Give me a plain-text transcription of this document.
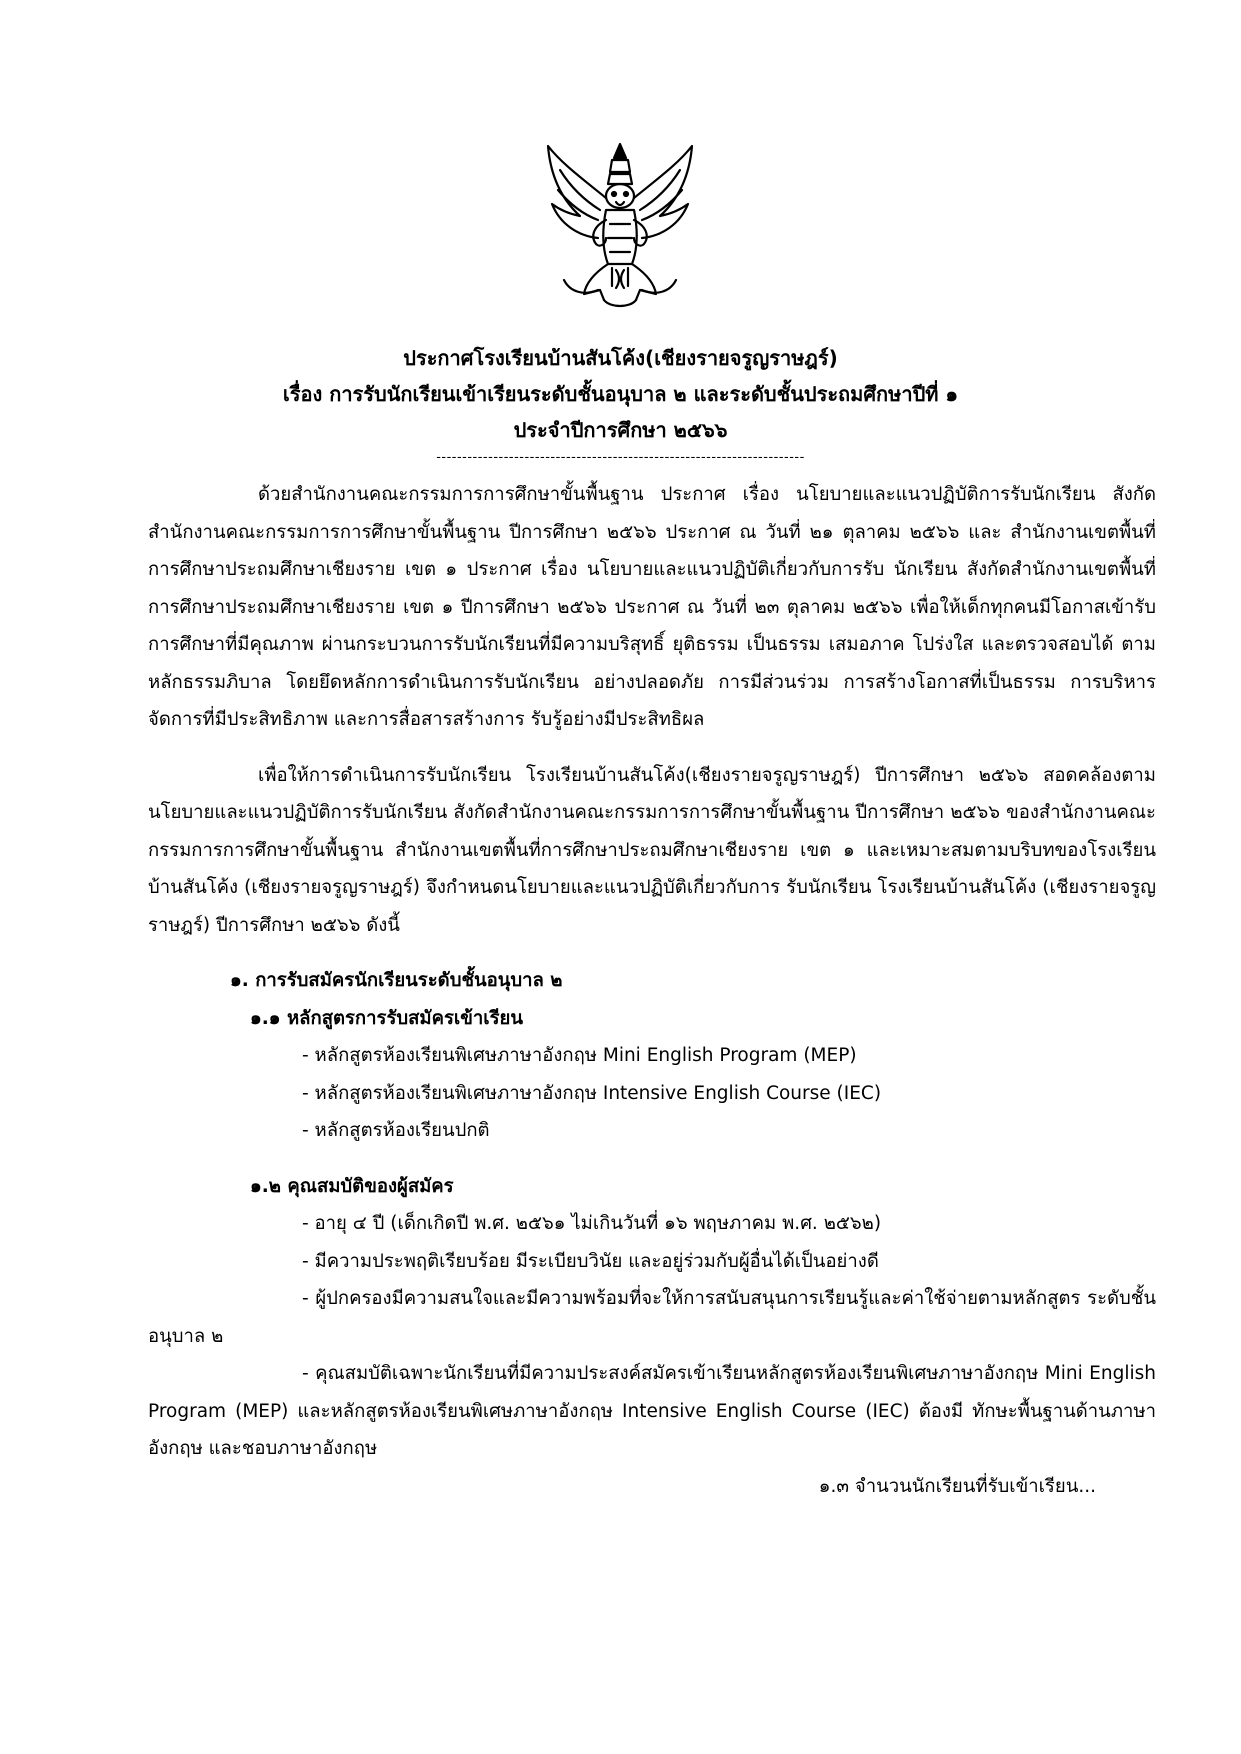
ประกาศโรงเรียนบ้านสันโค้ง(เชียงรายจรูญราษฎร์)

เรื่อง การรับนักเรียนเข้าเรียนระดับชั้นอนุบาล ๒ และระดับชั้นประถมศึกษาปีที่ ๑

ประจำปีการศึกษา ๒๕๖๖

-----------------------------------------------------------------------

ด้วยสำนักงานคณะกรรมการการศึกษาขั้นพื้นฐาน ประกาศ เรื่อง นโยบายและแนวปฏิบัติการรับนักเรียน สังกัดสำนักงานคณะกรรมการการศึกษาขั้นพื้นฐาน ปีการศึกษา ๒๕๖๖ ประกาศ ณ วันที่ ๒๑ ตุลาคม ๒๕๖๖ และ สำนักงานเขตพื้นที่การศึกษาประถมศึกษาเชียงราย เขต ๑ ประกาศ เรื่อง นโยบายและแนวปฏิบัติเกี่ยวกับการรับ นักเรียน สังกัดสำนักงานเขตพื้นที่การศึกษาประถมศึกษาเชียงราย เขต ๑ ปีการศึกษา ๒๕๖๖ ประกาศ ณ วันที่ ๒๓ ตุลาคม ๒๕๖๖ เพื่อให้เด็กทุกคนมีโอกาสเข้ารับการศึกษาที่มีคุณภาพ ผ่านกระบวนการรับนักเรียนที่มีความบริสุทธิ์ ยุติธรรม เป็นธรรม เสมอภาค โปร่งใส และตรวจสอบได้ ตามหลักธรรมภิบาล โดยยึดหลักการดำเนินการรับนักเรียน อย่างปลอดภัย การมีส่วนร่วม การสร้างโอกาสที่เป็นธรรม การบริหารจัดการที่มีประสิทธิภาพ และการสื่อสารสร้างการ รับรู้อย่างมีประสิทธิผล

เพื่อให้การดำเนินการรับนักเรียน โรงเรียนบ้านสันโค้ง(เชียงรายจรูญราษฎร์) ปีการศึกษา ๒๕๖๖ สอดคล้องตามนโยบายและแนวปฏิบัติการรับนักเรียน สังกัดสำนักงานคณะกรรมการการศึกษาขั้นพื้นฐาน ปีการศึกษา ๒๕๖๖ ของสำนักงานคณะกรรมการการศึกษาขั้นพื้นฐาน สำนักงานเขตพื้นที่การศึกษาประถมศึกษาเชียงราย เขต ๑ และเหมาะสมตามบริบทของโรงเรียนบ้านสันโค้ง (เชียงรายจรูญราษฎร์) จึงกำหนดนโยบายและแนวปฏิบัติเกี่ยวกับการ รับนักเรียน โรงเรียนบ้านสันโค้ง (เชียงรายจรูญราษฎร์) ปีการศึกษา ๒๕๖๖ ดังนี้

๑. การรับสมัครนักเรียนระดับชั้นอนุบาล ๒

๑.๑ หลักสูตรการรับสมัครเข้าเรียน

- หลักสูตรห้องเรียนพิเศษภาษาอังกฤษ Mini English Program (MEP)

- หลักสูตรห้องเรียนพิเศษภาษาอังกฤษ Intensive English Course (IEC)

- หลักสูตรห้องเรียนปกติ

๑.๒ คุณสมบัติของผู้สมัคร

- อายุ ๔ ปี (เด็กเกิดปี พ.ศ. ๒๕๖๑ ไม่เกินวันที่ ๑๖ พฤษภาคม พ.ศ. ๒๕๖๒)

- มีความประพฤติเรียบร้อย มีระเบียบวินัย และอยู่ร่วมกับผู้อื่นได้เป็นอย่างดี

- ผู้ปกครองมีความสนใจและมีความพร้อมที่จะให้การสนับสนุนการเรียนรู้และค่าใช้จ่ายตามหลักสูตร ระดับชั้นอนุบาล ๒

- คุณสมบัติเฉพาะนักเรียนที่มีความประสงค์สมัครเข้าเรียนหลักสูตรห้องเรียนพิเศษภาษาอังกฤษ Mini English Program (MEP) และหลักสูตรห้องเรียนพิเศษภาษาอังกฤษ Intensive English Course (IEC) ต้องมี ทักษะพื้นฐานด้านภาษาอังกฤษ และชอบภาษาอังกฤษ

๑.๓ จำนวนนักเรียนที่รับเข้าเรียน...
